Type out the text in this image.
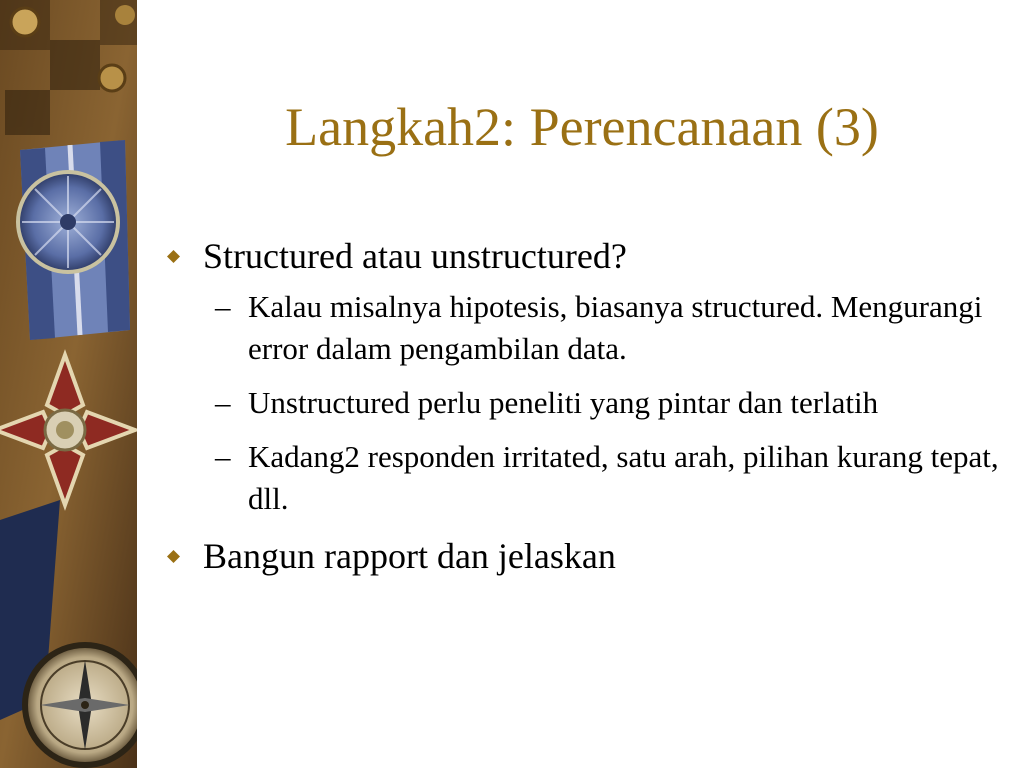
Langkah2: Perencanaan (3)
Structured atau unstructured?
– Kalau misalnya hipotesis, biasanya structured. Mengurangi error dalam pengambilan data.
– Unstructured perlu peneliti yang pintar dan terlatih
– Kadang2 responden irritated, satu arah, pilihan kurang tepat, dll.
Bangun rapport dan jelaskan
